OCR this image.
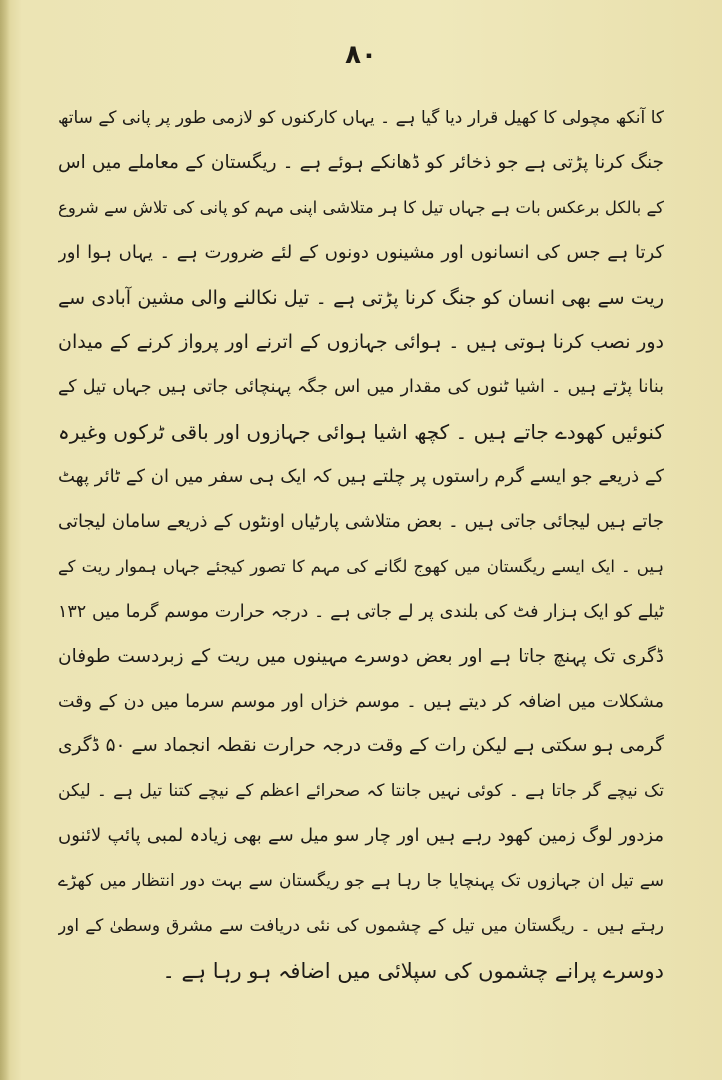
۸۰
کا آنکھ مچولی کا کھیل قرار دیا گیا ہے ۔ یہاں کارکنوں کو لازمی طور پر پانی کے ساتھ
جنگ کرنا پڑتی ہے جو ذخائر کو ڈھانکے ہوئے ہے ۔ ریگستان کے معاملے میں اس
کے بالکل برعکس بات ہے جہاں تیل کا ہر متلاشی اپنی مہم کو پانی کی تلاش سے شروع
کرتا ہے جس کی انسانوں اور مشینوں دونوں کے لئے ضرورت ہے ۔ یہاں ہوا اور
ریت سے بھی انسان کو جنگ کرنا پڑتی ہے ۔ تیل نکالنے والی مشین آبادی سے
دور نصب کرنا ہوتی ہیں ۔ ہوائی جہازوں کے اترنے اور پرواز کرنے کے میدان
بنانا پڑتے ہیں ۔ اشیا ٹنوں کی مقدار میں اس جگہ پہنچائی جاتی ہیں جہاں تیل کے
کنوئیں کھودے جاتے ہیں ۔ کچھ اشیا ہوائی جہازوں اور باقی ٹرکوں وغیرہ
کے ذریعے جو ایسے گرم راستوں پر چلتے ہیں کہ ایک ہی سفر میں ان کے ٹائر پھٹ
جاتے ہیں لیجائی جاتی ہیں ۔ بعض متلاشی پارٹیاں اونٹوں کے ذریعے سامان لیجاتی
ہیں ۔ ایک ایسے ریگستان میں کھوج لگانے کی مہم کا تصور کیجئے جہاں ہموار ریت کے
ٹیلے کو ایک ہزار فٹ کی بلندی پر لے جاتی ہے ۔ درجہ حرارت موسم گرما میں ۱۳۲
ڈگری تک پہنچ جاتا ہے اور بعض دوسرے مہینوں میں ریت کے زبردست طوفان
مشکلات میں اضافہ کر دیتے ہیں ۔ موسم خزاں اور موسم سرما میں دن کے وقت
گرمی ہو سکتی ہے لیکن رات کے وقت درجہ حرارت نقطہ انجماد سے ۵۰ ڈگری
تک نیچے گر جاتا ہے ۔ کوئی نہیں جانتا کہ صحرائے اعظم کے نیچے کتنا تیل ہے ۔ لیکن
مزدور لوگ زمین کھود رہے ہیں اور چار سو میل سے بھی زیادہ لمبی پائپ لائنوں
سے تیل ان جہازوں تک پہنچایا جا رہا ہے جو ریگستان سے بہت دور انتظار میں کھڑے
رہتے ہیں ۔ ریگستان میں تیل کے چشموں کی نئی دریافت سے مشرق وسطیٰ کے اور
دوسرے پرانے چشموں کی سپلائی میں اضافہ ہو رہا ہے ۔
